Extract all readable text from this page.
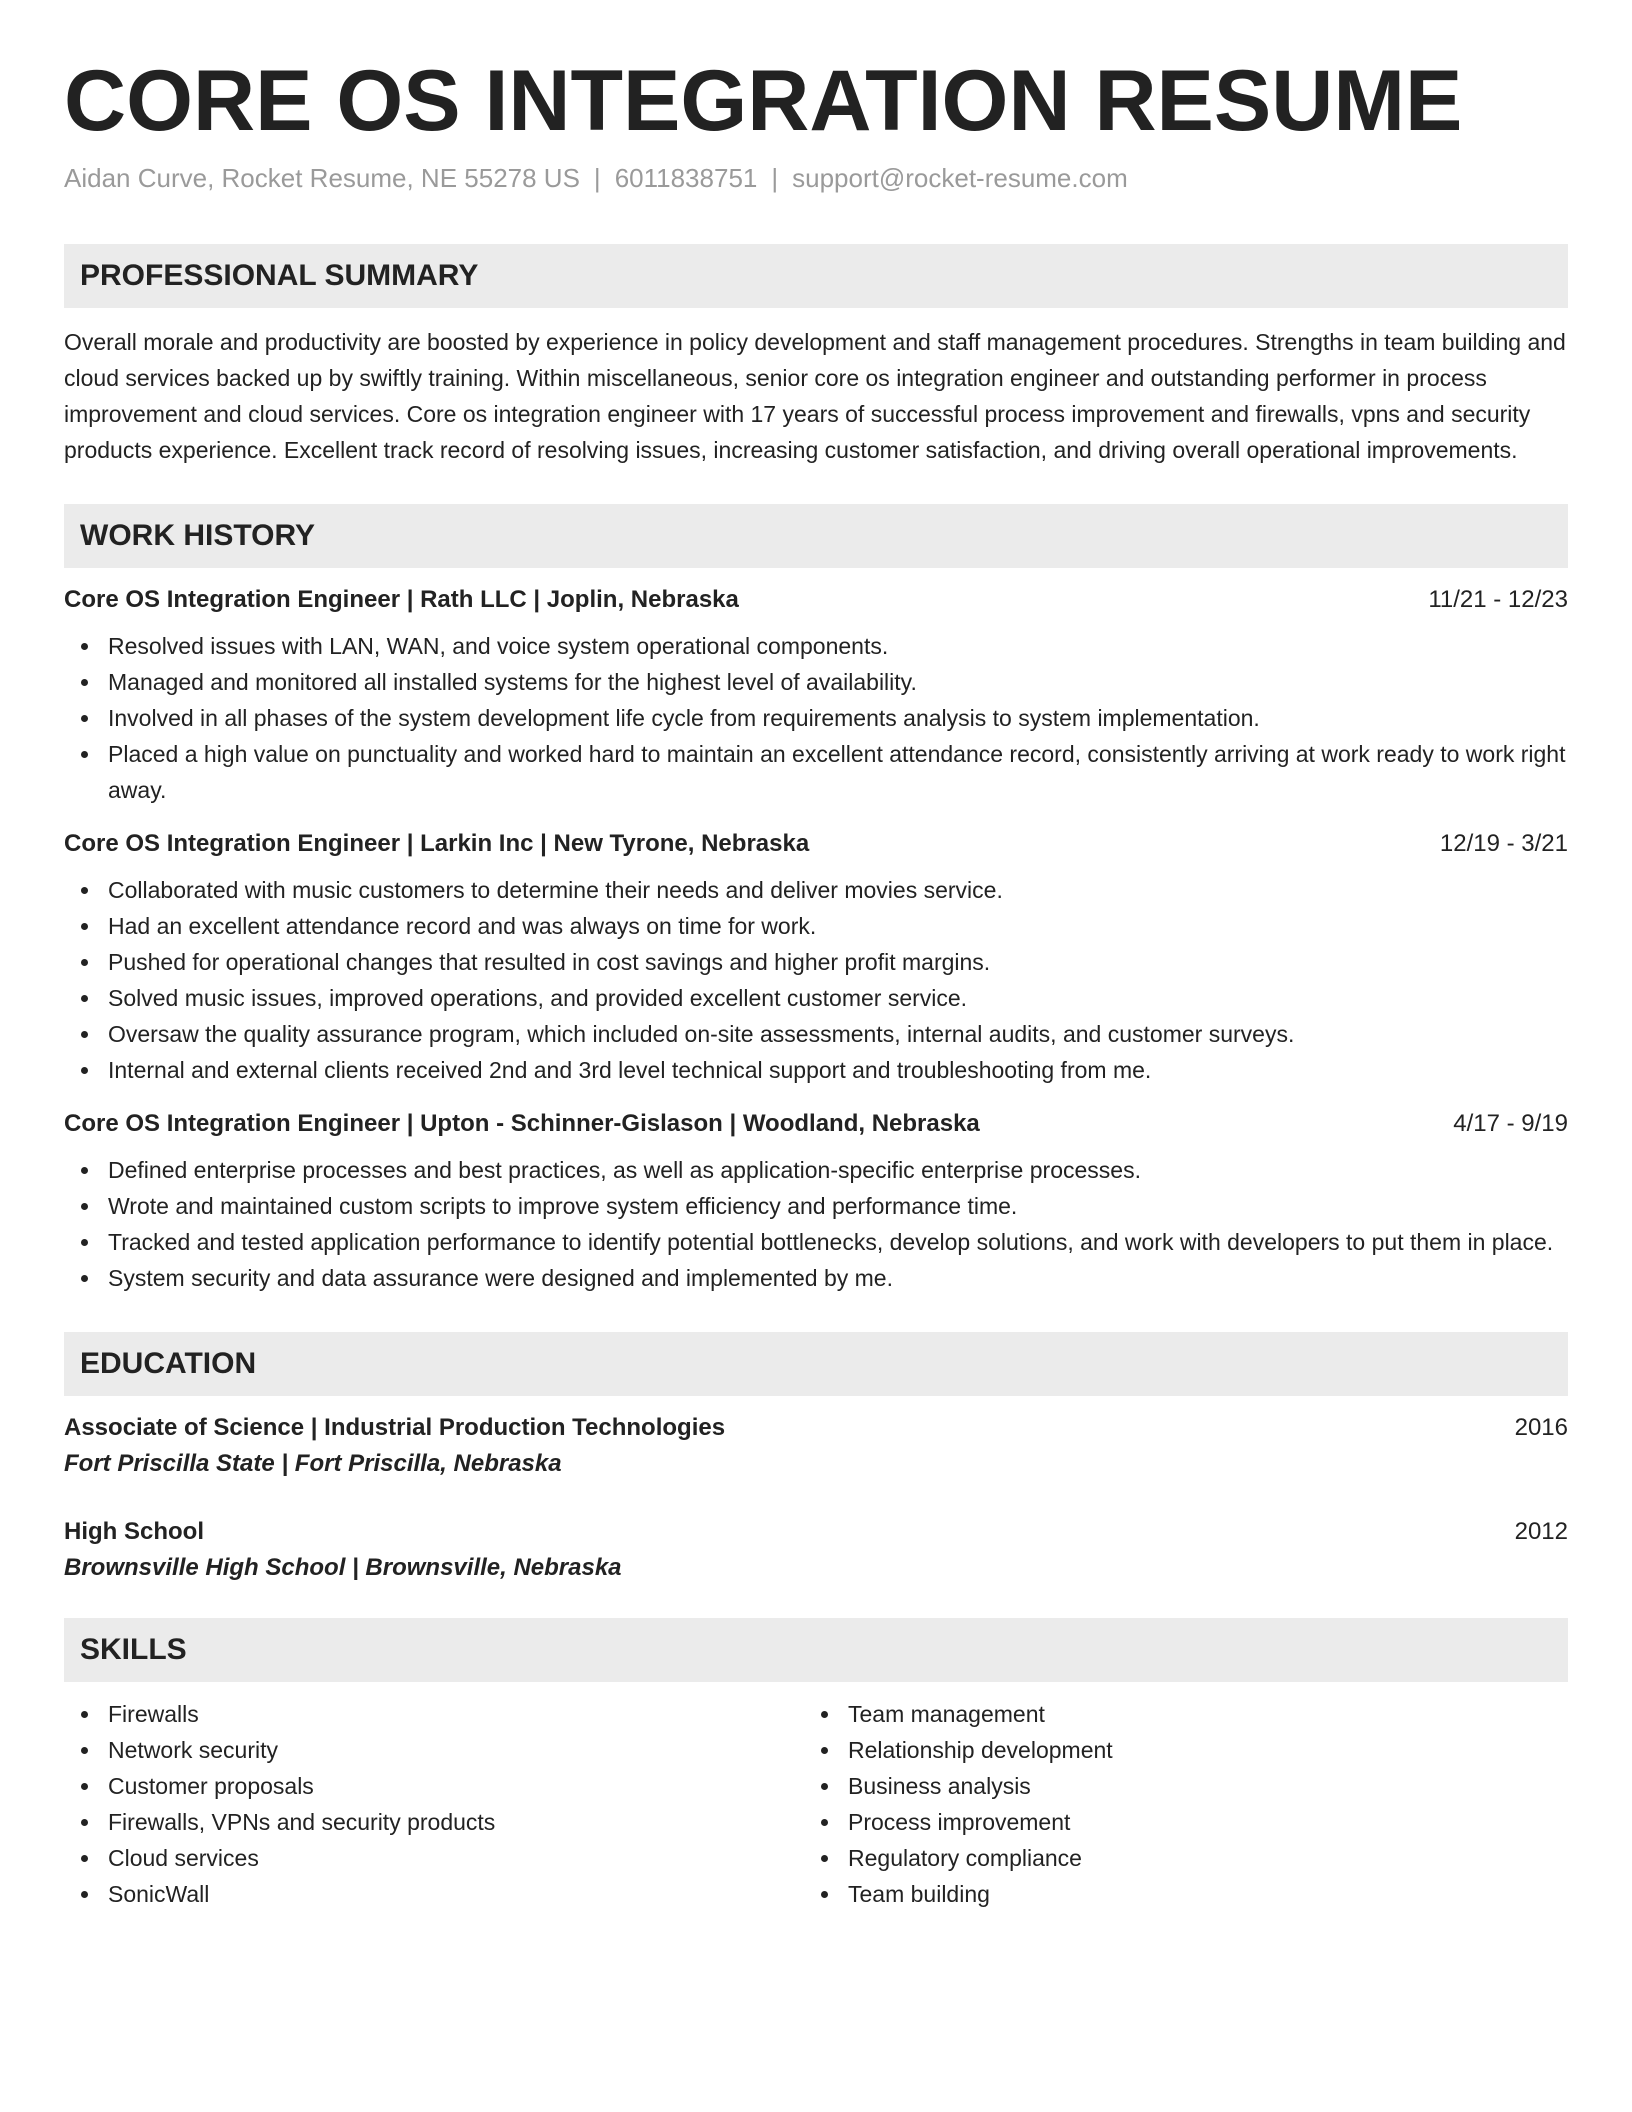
CORE OS INTEGRATION RESUME
Aidan Curve, Rocket Resume, NE 55278 US | 6011838751 | support@rocket-resume.com
PROFESSIONAL SUMMARY
Overall morale and productivity are boosted by experience in policy development and staff management procedures. Strengths in team building and cloud services backed up by swiftly training. Within miscellaneous, senior core os integration engineer and outstanding performer in process improvement and cloud services. Core os integration engineer with 17 years of successful process improvement and firewalls, vpns and security products experience. Excellent track record of resolving issues, increasing customer satisfaction, and driving overall operational improvements.
WORK HISTORY
Core OS Integration Engineer | Rath LLC | Joplin, Nebraska	11/21 - 12/23
Resolved issues with LAN, WAN, and voice system operational components.
Managed and monitored all installed systems for the highest level of availability.
Involved in all phases of the system development life cycle from requirements analysis to system implementation.
Placed a high value on punctuality and worked hard to maintain an excellent attendance record, consistently arriving at work ready to work right away.
Core OS Integration Engineer | Larkin Inc | New Tyrone, Nebraska	12/19 - 3/21
Collaborated with music customers to determine their needs and deliver movies service.
Had an excellent attendance record and was always on time for work.
Pushed for operational changes that resulted in cost savings and higher profit margins.
Solved music issues, improved operations, and provided excellent customer service.
Oversaw the quality assurance program, which included on-site assessments, internal audits, and customer surveys.
Internal and external clients received 2nd and 3rd level technical support and troubleshooting from me.
Core OS Integration Engineer | Upton - Schinner-Gislason | Woodland, Nebraska	4/17 - 9/19
Defined enterprise processes and best practices, as well as application-specific enterprise processes.
Wrote and maintained custom scripts to improve system efficiency and performance time.
Tracked and tested application performance to identify potential bottlenecks, develop solutions, and work with developers to put them in place.
System security and data assurance were designed and implemented by me.
EDUCATION
Associate of Science | Industrial Production Technologies	2016
Fort Priscilla State | Fort Priscilla, Nebraska
High School	2012
Brownsville High School | Brownsville, Nebraska
SKILLS
Firewalls
Network security
Customer proposals
Firewalls, VPNs and security products
Cloud services
SonicWall
Team management
Relationship development
Business analysis
Process improvement
Regulatory compliance
Team building
